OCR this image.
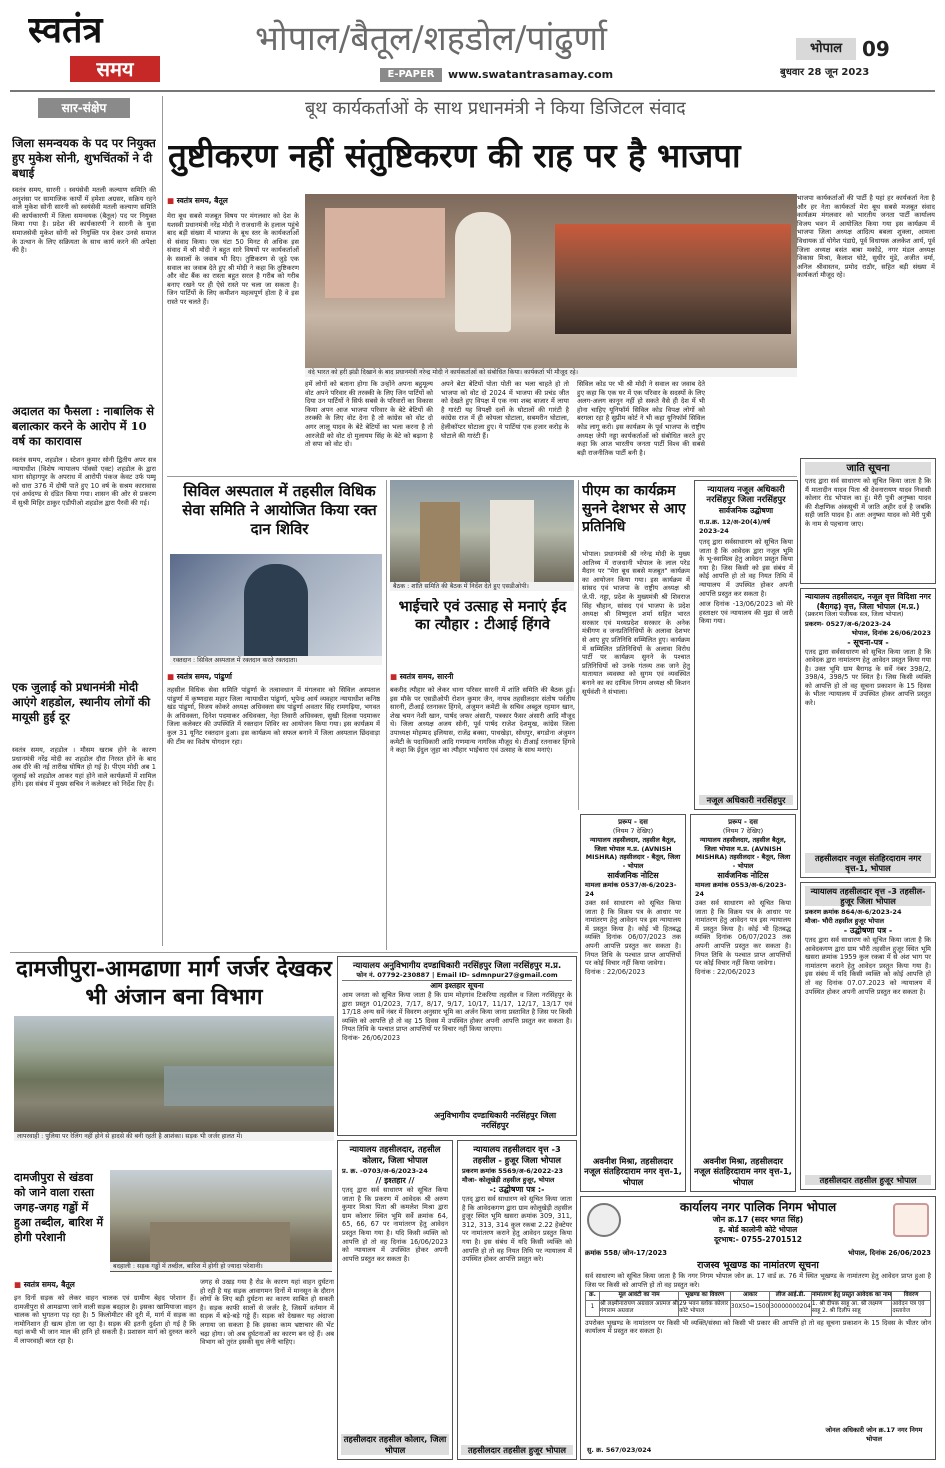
स्वतंत्र
समय
भोपाल/बैतूल/शहडोल/पांढुर्णा
E-PAPER	www.swatantrasamay.com
भोपाल 09
बुधवार 28 जून 2023
सार-संक्षेप
जिला समन्वयक के पद पर नियुक्त हुए मुकेश सोनी, शुभचिंतकों ने दी बधाई
स्वतंत्र समय, सारनी । स्वयंसेवी मतली कल्याण समिति की अनुशंसा पर सामाजिक कार्यों में हमेशा अग्रसर, सक्रिय रहने वाले मुकेश सोनी सारनी को स्वयंसेवी मतली कल्याण समिति की कार्यकारणी में जिला समन्वयक (बैतूल) पद पर नियुक्त किया गया है। प्रदेश की कार्यकारणी ने सारनी के युवा समाजसेवी मुकेश सोनी को नियुक्ति पत्र देकर उनसे समाज के उत्थान के लिए सक्रियता के साथ कार्य करने की अपेक्षा की है।
अदालत का फैसला : नाबालिक से बलात्कार करने के आरोप में 10 वर्ष का कारावास
स्वतंत्र समय, शहडोल । स्टेशन कुमार सोनी द्वितीय अपर सत्र न्यायाधीश (विशेष न्यायालय पॉक्सो एक्ट) शहडोल के द्वारा थाना सोहागपुर के अपराध में आरोपी पंकज केवट उर्फ पम्मू को धारा 376 में दोषी पाते हुए 10 वर्ष के सश्रम कारावास एवं अर्थदण्ड से दंडित किया गया। शासन की ओर से प्रकरण में सुश्री मिहिर ठाकुर एडीपीओ शहडोल द्वारा पैरवी की गई।
एक जुलाई को प्रधानमंत्री मोदी आएंगे शहडोल, स्थानीय लोगों की मायूसी हुई दूर
स्वतंत्र समय, शहडोल । मौसम खराब होने के कारण प्रधानमंत्री नरेंद्र मोदी का शहडोल दौरा निरस्त होने के बाद अब दौरे की नई तारीख घोषित हो गई है। पीएम मोदी अब 1 जुलाई को शहडोल आकर यहां होने वाले कार्यक्रमों में शामिल होंगे। इस संबंध में मुख्य सचिव ने कलेक्टर को निर्देश दिए हैं।
बूथ कार्यकर्ताओं के साथ प्रधानमंत्री ने किया डिजिटल संवाद
तुष्टीकरण नहीं संतुष्टिकरण की राह पर है भाजपा
■ स्वतंत्र समय, बैतूल
मेरा बूथ सबसे मजबूत विषय पर मंगलवार को देश के यशस्वी प्रधानमंत्री नरेंद्र मोदी ने राजधानी के हलाल पहुंचे बाद बड़ी संख्या में भाजपा के बूथ स्तर के कार्यकर्ताओं से संवाद किया। एक घंटा 50 मिनट से अधिक इस संवाद में श्री मोदी ने बहुत सारे विषयों पर कार्यकर्ताओं के सवालों के जवाब भी दिए। तुष्टिकरण से जुड़े एक सवाल का जवाब देते हुए श्री मोदी ने कहा कि तुष्टिकरण और वोट बैंक का रास्ता बहुत सरल है गरीब को गरीब बनाए रखने पर ही ऐसे रास्ते पर चला जा सकता है। जिन पार्टियों के लिए कमीशन महत्वपूर्ण होता है वे इस रास्ते पर चलते हैं।
वंदे भारत को हरी झंडी दिखाने के बाद प्रधानमंत्री नरेन्द्र मोदी ने कार्यकर्ताओं को संबोधित किया। कार्यकर्ता भी मौजूद रहे।
हमें लोगों को बताना होगा कि उन्होंने अपना बहुमूल्य वोट अपने परिवार की तरक्की के लिए जिन पार्टियों को दिया उन पार्टियों ने सिर्फ सबसे के परिवारों का विकास किया अपन आज भाजपा परिवार के बेटे बेटियों की तरक्की के लिए वोट देना है तो कांग्रेस को वोट दो अगर लालू यादव के बेटे बेटियों का भला करना है तो आरजेडी को वोट दो मुलायम सिंह के बेटे को बढ़ाना है तो सपा को वोट दो।
अपने बेटा बेटियों पोता पोती का भला चाहते हो तो भाजपा को वोट दो 2024 में भाजपा की प्रचंड जीत को देखते हुए विपक्ष में एक नया शब्द बाजार में लाया है गारंटी यह विपक्षी दलों के घोटालों की गारंटी है कांग्रेस राज में ही कोयला घोटाला, सबमरीन घोटाला, हेलीकॉप्टर घोटाला हुए। ये पार्टियां एक हजार करोड़ के घोटाले की गारंटी हैं।
सिविल कोड पर भी श्री मोदी ने सवाल का जवाब देते हुए कहा कि एक घर में एक परिवार के सदस्यों के लिए अलग-अलग कानून नहीं हो सकते वैसे ही देश में भी होना चाहिए यूनिफॉर्म सिविल कोड विपक्ष लोगों को बरगला रहा है सुप्रीम कोर्ट ने भी कहा यूनिफॉर्म सिविल कोड लागू करो। इस कार्यक्रम के पूर्व भाजपा के राष्ट्रीय अध्यक्ष जेपी नड्डा कार्यकर्ताओं को संबोधित करते हुए कहा कि आज भारतीय जनता पार्टी विश्व की सबसे बड़ी राजनीतिक पार्टी बनी है।
भाजपा कार्यकर्ताओं की पार्टी है यहां हर कार्यकर्ता नेता है और हर नेता कार्यकर्ता मेरा बूथ सबसे मजबूत संवाद कार्यक्रम मंगलवार को भारतीय जनता पार्टी कार्यालय विजय भवन में आयोजित किया गया इस कार्यक्रम में भाजपा जिला अध्यक्ष आदित्य बबला शुक्ला, आमला विधायक डॉ योगेश पंडाग्रे, पूर्व विधायक अलकेश आर्य, पूर्व जिला अध्यक्ष बसंत बाबा मकोडे, नगर मंडल अध्यक्ष विकास मिश्रा, कैलाश घोटे, सुधीर मुंडे, अजीत वर्मा, अनिल श्रीवास्तव, प्रमोद राठौर, सहित बड़ी संख्या में कार्यकर्ता मौजूद रहे।
जाति सूचना
एतद द्वारा सर्व साधारण को सूचित किया जाता है कि मैं मातादीन यादव पिता श्री देवनारायण यादव निवासी कोलार रोड भोपाल का हूं। मेरी पुत्री अनुष्का यादव की शैक्षणिक अंकसूची में जाति अहीर दर्ज है जबकि सही जाति यादव है। अतः अनुष्का यादव को मेरी पुत्री के नाम से पहचाना जाए।
सिविल अस्पताल में तहसील विधिक सेवा समिति ने आयोजित किया रक्त दान शिविर
रक्तदान : सिविल अस्पताल में रक्तदान करते रक्तदाता।
■ स्वतंत्र समय, पांढुर्णा
तहसील विधिक सेवा समिति पांढुर्णा के तत्वावधान में मंगलवार को सिविल अस्पताल पांढुर्णा में कृष्णदास महार जिला न्यायाधीश पांढुर्णा, भूपेन्द्र आर्य व्यवहार न्यायाधीश कनिष्ठ खंड पांढुर्णा, विजय कोकरे अध्यक्ष अधिवक्ता संघ पांढुर्णा अवतार सिंह रामगढ़िया, भगवत के अधिवक्ता, दिनेश पदमाकर अधिवक्ता, नेहा तिवारी अधिवक्ता, सुखी दिलवा पदमाकर जिला कलेक्टर की उपस्थिति में रक्तदान शिविर का आयोजन किया गया। इस कार्यक्रम में कुल 31 यूनिट रक्तदान हुआ। इस कार्यक्रम को सफल बनाने में जिला अस्पताल छिंदवाड़ा की टीम का विशेष योगदान रहा।
बैठक : शांति समिति की बैठक में निर्देश देते हुए एसडीओपी।
भाईचारे एवं उत्साह से मनाएं ईद का त्यौहार : टीआई हिंगवे
■ स्वतंत्र समय, सारनी
बकरीद त्यौहार को लेकर थाना परिसर सारनी में शांति समिति की बैठक हुई। इस मौके पर एसडीओपी रोशन कुमार जैन, नायब तहसीलदार संतोष पर्वतीय सारनी, टीआई रतनाकर हिंगवे, अंजुमन कमेटी के सचिव अब्दुल रहमान खान, शेख चमन नेशी खान, पार्षद जफर अंसारी, पत्रकार फैसर अंसारी आदि मौजूद थे। जिला अध्यक्ष अजय सोनी, पूर्व पार्षद राजेश देशमुख, कांग्रेस जिला उपाध्यक्ष मोहम्मद इलियास, राजेंद्र बक्सा, पाथखेड़ा, सोधपुर, बगडोना अंजुमन कमेटी के पदाधिकारी आदि गणमान्य नागरिक मौजूद थे। टीआई रतनाकर हिंगवे ने कहा कि ईदुल जुहा का त्यौहार भाईचारा एवं उत्साह के साथ मनाएं।
पीएम का कार्यक्रम सुनने देशभर से आए प्रतिनिधि
भोपाल। प्रधानमंत्री श्री नरेन्द्र मोदी के मुख्य आतिथ्य में राजधानी भोपाल के लाल परेड मैदान पर "मेरा बूथ सबसे मजबूत" कार्यक्रम का आयोजन किया गया। इस कार्यक्रम में सांसद एवं भाजपा के राष्ट्रीय अध्यक्ष श्री जे.पी. नड्डा, प्रदेश के मुख्यमंत्री श्री शिवराज सिंह चौहान, सांसद एवं भाजपा के प्रदेश अध्यक्ष श्री विष्णुदत्त शर्मा सहित भारत सरकार एवं मध्यप्रदेश सरकार के अनेक मंत्रीगण व जनप्रतिनिधियों के अलावा देशभर से आए हुए प्रतिनिधि सम्मिलित हुए। कार्यक्रम में सम्मिलित प्रतिनिधियों के अलावा विरोध पार्टी पर कार्यक्रम सुनने के पश्चात प्रतिनिधियों को उनके गंतव्य तक जाने हेतु यातायात व्यवस्था को सुगम एवं व्यवस्थित बनाने का का दायित्व निगम अध्यक्ष श्री किशन सूर्यवंशी ने संभाला।
न्यायालय नजूल अधिकारी नरसिंहपुर जिला नरसिंहपुर
सार्वजनिक उद्घोषणा
रा.प्र.क्र. 12/अ-20(4)/वर्ष 2023-24
एतद् द्वारा सर्वसाधारण को सूचित किया जाता है कि आवेदक द्वारा नजूल भूमि के भू-स्वामित्व हेतु आवेदन प्रस्तुत किया गया है। जिस किसी को इस संबंध में कोई आपत्ति हो तो वह नियत तिथि में न्यायालय में उपस्थित होकर अपनी आपत्ति प्रस्तुत कर सकता है।
आज दिनांक -13/06/2023 को मेरे हस्ताक्षर एवं न्यायालय की मुद्रा से जारी किया गया।
नजूल अधिकारी नरसिंहपुर
न्यायालय तहसीलदार, नजूल वृत्त विदिशा नगर (बैरागढ़) वृत्त, जिला भोपाल (म.प्र.)
(प्रकरण जिला पंजीयक सत्र, जिला भोपाल)
प्रकरण- 0527/अ-6/2023-24
भोपाल, दिनांक 26/06/2023
- सूचना-पत्र -
एतद द्वारा सर्वसाधारण को सूचित किया जाता है कि आवेदक द्वारा नामांतरण हेतु आवेदन प्रस्तुत किया गया है। उक्त भूमि ग्राम बैरागढ़ के सर्वे नंबर 398/2, 398/4, 398/5 पर स्थित है। जिस किसी व्यक्ति को आपत्ति हो तो वह सूचना प्रकाशन के 15 दिवस के भीतर न्यायालय में उपस्थित होकर आपत्ति प्रस्तुत करे।
तहसीलदार नजूल संतहिरदाराम नगर वृत्त-1, भोपाल
न्यायालय तहसीलदार वृत्त -3 तहसील- हुजूर जिला भोपाल
प्रकरण क्रमांक 864/अ-6/2023-24
मौजा- भौरी तहसील हुजूर भोपाल
- उद्घोषणा पत्र -
एतद द्वारा सर्व साधारण को सूचित किया जाता है कि आवेदकगण द्वारा ग्राम भौरी तहसील हुजूर स्थित भूमि खसरा क्रमांक 1959 कुल रकबा में से अंश भाग पर नामांतरण कराने हेतु आवेदन प्रस्तुत किया गया है। इस संबंध में यदि किसी व्यक्ति को कोई आपत्ति हो तो वह दिनांक 07.07.2023 को न्यायालय में उपस्थित होकर अपनी आपत्ति प्रस्तुत कर सकता है।
तहसीलदार तहसील हुजूर भोपाल
प्ररूप - दस
(नियम 7 देखिए)
न्यायालय तहसीलदार, तहसील बैतूल, जिला भोपाल म.प्र. (AVNISH MISHRA) तहसीलदार - बैतूल, जिला - भोपाल
सार्वजनिक नोटिस
मामला क्रमांक 0537/अ-6/2023-24
उक्त सर्व साधारण को सूचित किया जाता है कि विक्रय पत्र के आधार पर नामांतरण हेतु आवेदन पत्र इस न्यायालय में प्रस्तुत किया है। कोई भी हितबद्ध व्यक्ति दिनांक 06/07/2023 तक अपनी आपत्ति प्रस्तुत कर सकता है। नियत तिथि के पश्चात प्राप्त आपत्तियों पर कोई विचार नहीं किया जावेगा।
दिनांक : 22/06/2023
अवनीश मिश्रा, तहसीलदार नजूल संतहिरदाराम नगर वृत्त-1, भोपाल
प्ररूप - दस
(नियम 7 देखिए)
न्यायालय तहसीलदार, तहसील बैतूल, जिला भोपाल म.प्र. (AVNISH MISHRA) तहसीलदार - बैतूल, जिला - भोपाल
सार्वजनिक नोटिस
मामला क्रमांक 0553/अ-6/2023-24
उक्त सर्व साधारण को सूचित किया जाता है कि विक्रय पत्र के आधार पर नामांतरण हेतु आवेदन पत्र इस न्यायालय में प्रस्तुत किया है। कोई भी हितबद्ध व्यक्ति दिनांक 06/07/2023 तक अपनी आपत्ति प्रस्तुत कर सकता है। नियत तिथि के पश्चात प्राप्त आपत्तियों पर कोई विचार नहीं किया जावेगा।
दिनांक : 22/06/2023
अवनीश मिश्रा, तहसीलदार नजूल संतहिरदाराम नगर वृत्त-1, भोपाल
दामजीपुरा-आमढाणा मार्ग जर्जर देखकर भी अंजान बना विभाग
लापरवाही : पुलिया पर रेलिंग नहीं होने से हादसे की बनी रहती है आशंका। सड़क भी जर्जर हालत में।
दामजीपुरा से खंडवा को जाने वाला रास्ता जगह-जगह गड्ढों में हुआ तब्दील, बारिश में होगी परेशानी
बदहाली : सड़क गड्ढों में तब्दील, बारिश में होगी हो ज्यादा परेशानी।
■ स्वतंत्र समय, बैतूल
इन दिनों सड़क को लेकर वाहन चालक एवं ग्रामीण बेहद परेशान हैं। दामजीपुरा से आमढाणा जाने वाली सड़क बदहाल है। इसका खामियाजा वाहन चालक को भुगतना पड़ रहा है। 5 किलोमीटर की दूरी में, मार्ग में सड़क का नामोनिशान ही खत्म होता जा रहा है। सड़क की इतनी दुर्दशा हो गई है कि यहां कभी भी जान माल की हानि हो सकती है। प्रशासन मार्ग को दुरुस्त करने में लापरवाही बरत रहा है।
जगह से उखड़ गया है रोड के कारण यहां वाहन दुर्घटना हो रही है यह सड़क आवागमन दिनों में मानसून के दौरान लोगों के लिए बड़ी दुर्घटना का कारण साबित हो सकती है। सड़क काफी सालों से जर्जर है, जिसमें वर्तमान में सड़क में बड़े-बड़े गड्ढे हैं। सड़क को देखकर यह अंदाजा लगाया जा सकता है कि इसका काम भ्रष्टाचार की भेंट चढ़ा होगा। जो अब दुर्घटनाओं का कारण बन रहे हैं। अब विभाग को तुरंत इसकी सुध लेनी चाहिए।
न्यायालय अनुविभागीय दण्डाधिकारी नरसिंहपुर जिला नरसिंहपुर म.प्र.
फोन नं. 07792-230887 | Email ID- sdmnpur27@gmail.com
आम इश्तहार सूचना
आम जनता को सूचित किया जाता है कि ग्राम मोहगांव टिकरिया तहसील व जिला नरसिंहपुर के द्वारा प्रस्तुत 01/2023, 7/17, 8/17, 9/17, 10/17, 11/17, 12/17, 13/17 एवं 17/18 अन्य सर्वे नंबर में विवरण अनुसार भूमि का अर्जन किया जाना प्रस्तावित है जिस पर किसी व्यक्ति को आपत्ति हो तो वह 15 दिवस में उपस्थित होकर अपनी आपत्ति प्रस्तुत कर सकता है। नियत तिथि के पश्चात प्राप्त आपत्तियों पर विचार नहीं किया जाएगा।
दिनांक- 26/06/2023
अनुविभागीय दण्डाधिकारी नरसिंहपुर जिला नरसिंहपुर
न्यायालय तहसीलदार, तहसील कोलार, जिला भोपाल
प्र. क्र. -0703/अ-6/2023-24
// इश्तहार //
एतद् द्वारा सर्व साधारण को सूचित किया जाता है कि प्रकरण में आवेदक श्री अरुण कुमार मिश्रा पिता श्री कमलेश मिश्रा द्वारा ग्राम कोलार स्थित भूमि सर्वे क्रमांक 64, 65, 66, 67 पर नामांतरण हेतु आवेदन प्रस्तुत किया गया है। यदि किसी व्यक्ति को आपत्ति हो तो वह दिनांक 16/06/2023 को न्यायालय में उपस्थित होकर अपनी आपत्ति प्रस्तुत कर सकता है।
तहसीलदार तहसील कोलार, जिला भोपाल
न्यायालय तहसीलदार वृत्त -3 तहसील - हुजूर जिला भोपाल
प्रकरण क्रमांक 5569/अ-6/2022-23
मौजा- कोलूखेड़ी तहसील हुजूर, भोपाल
-: उद्घोषणा पत्र :-
एतद् द्वारा सर्व साधारण को सूचित किया जाता है कि आवेदकगण द्वारा ग्राम कोलूखेड़ी तहसील हुजूर स्थित भूमि खसरा क्रमांक 309, 311, 312, 313, 314 कुल रकबा 2.22 हेक्टेयर पर नामांतरण कराने हेतु आवेदन प्रस्तुत किया गया है। इस संबंध में यदि किसी व्यक्ति को आपत्ति हो तो वह नियत तिथि पर न्यायालय में उपस्थित होकर आपत्ति प्रस्तुत करे।
तहसीलदार तहसील हुजूर भोपाल
कार्यालय नगर पालिक निगम भोपाल
जोन क्र.17 (सदर भगत सिंह)
ह. बोर्ड कालोनी कोटे भोपाल
दूरभाष:- 0755-2701512
क्रमांक 558/ जोन-17/2023	भोपाल, दिनांक 26/06/2023
राजस्व भूखण्ड का नामांतरण सूचना
सर्व साधारण को सूचित किया जाता है कि नगर निगम भोपाल जोन क्र. 17 वार्ड क्र. 76 में स्थित भूखण्ड के नामांतरण हेतु आवेदन प्राप्त हुआ है जिस पर किसी को आपत्ति हो तो वह प्रस्तुत करे।
क्र.	मूल आवंटी का नाम	भूखण्ड का विवरण	आकार	लीज आई.डी.	नामांतरण हेतु प्रस्तुत आवेदक का नाम	विवरण
1	श्री लक्ष्मीनारायण अग्रवाल आत्मज श्री गंगाराम अग्रवाल	29 भवन ब्लॉक कोलार कोटे भोपाल	30X50=1500	30000000204	1. श्री दीपक साहू आ. श्री लक्ष्मण साहू 2. श्री दिलीप साहू	आवेदन पत्र एवं दस्तावेज
उपरोक्त भूखण्ड के नामांतरण पर किसी भी व्यक्ति/संस्था को किसी भी प्रकार की आपत्ति हो तो वह सूचना प्रकाशन के 15 दिवस के भीतर जोन कार्यालय में प्रस्तुत कर सकता है।
जोनल अधिकारी जोन क्र.17 नगर निगम भोपाल
सु. क्र. 567/023/024
